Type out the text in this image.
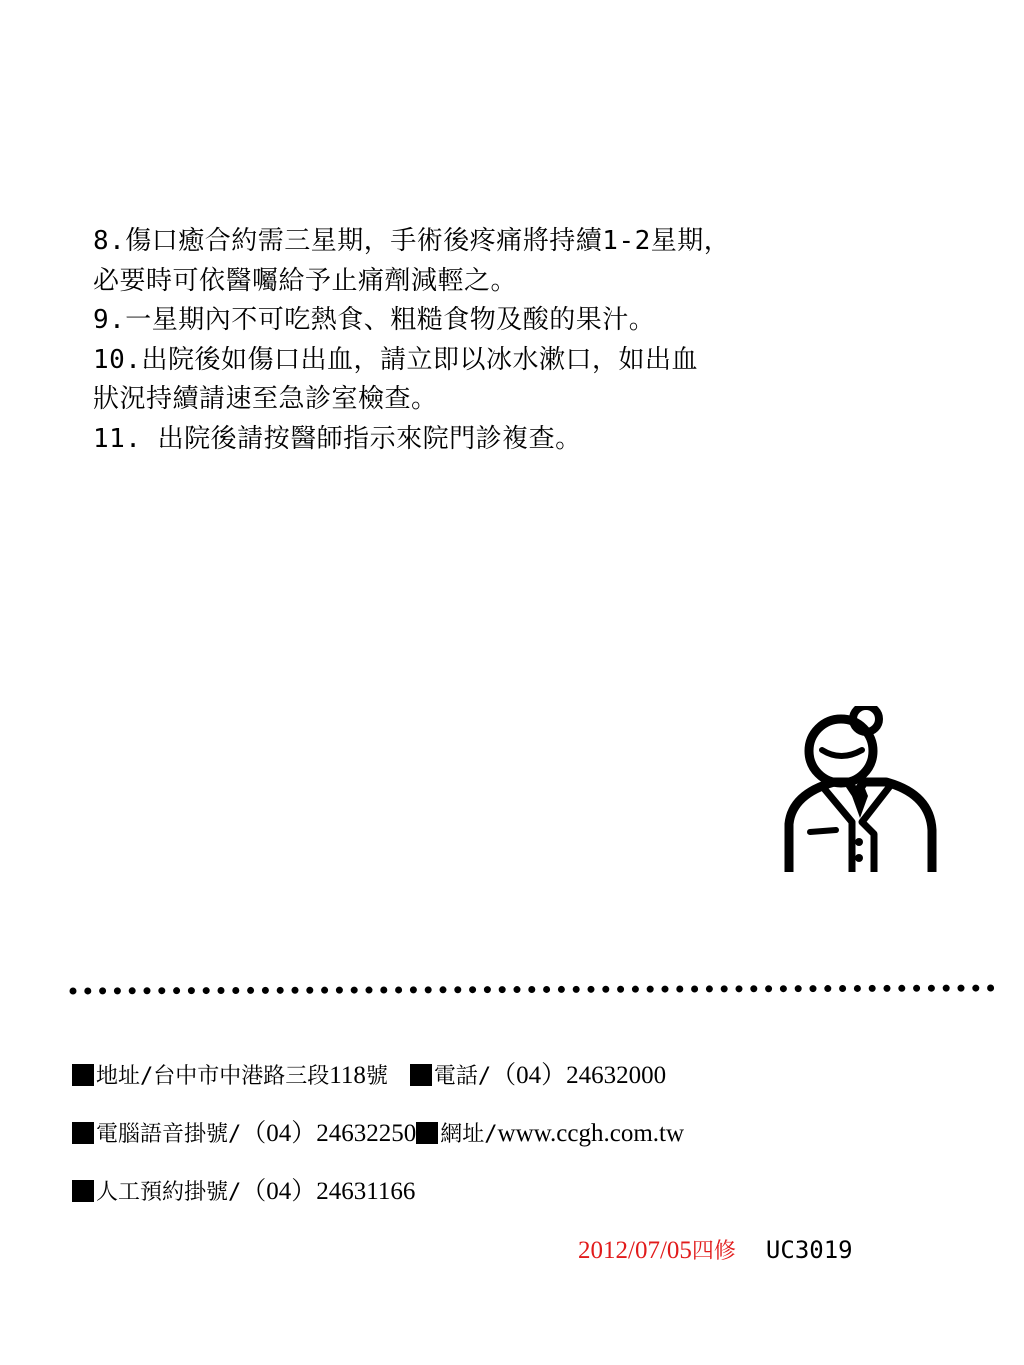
8.傷口癒合約需三星期，手術後疼痛將持續1-2星期，
必要時可依醫囑給予止痛劑減輕之。
9.一星期內不可吃熱食、粗糙食物及酸的果汁。
10.出院後如傷口出血，請立即以冰水漱口，如出血
狀況持續請速至急診室檢查。
11. 出院後請按醫師指示來院門診複查。
地址/台中市中港路三段118號 電話/（04）24632000
電腦語音掛號/（04）24632250 網址/www.ccgh.com.tw
人工預約掛號/（04）24631166
2012/07/05四修 UC3019
